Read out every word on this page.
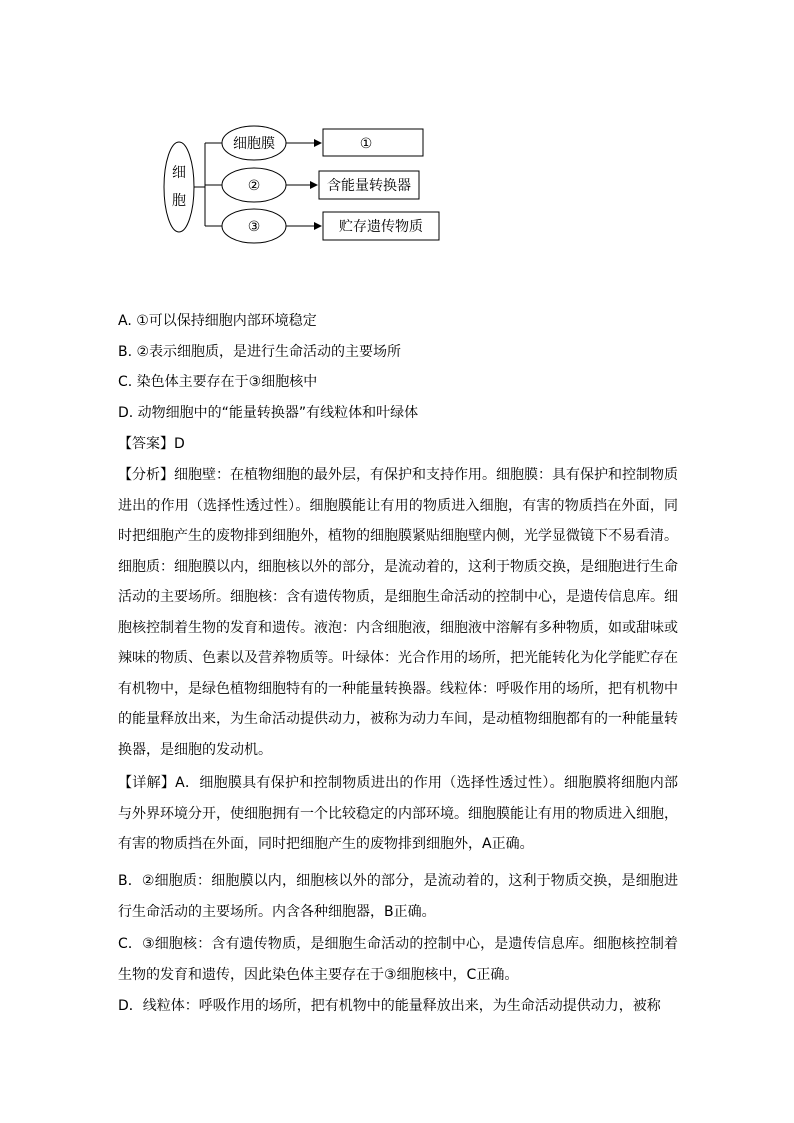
细
胞
细胞膜
②
③
①
含能量转换器
贮存遗传物质
A. ①可以保持细胞内部环境稳定
B. ②表示细胞质，是进行生命活动的主要场所
C. 染色体主要存在于③细胞核中
D. 动物细胞中的“能量转换器”有线粒体和叶绿体
【答案】D
【分析】细胞壁：在植物细胞的最外层，有保护和支持作用。细胞膜：具有保护和控制物质进出的作用（选择性透过性）。细胞膜能让有用的物质进入细胞，有害的物质挡在外面，同时把细胞产生的废物排到细胞外，植物的细胞膜紧贴细胞壁内侧，光学显微镜下不易看清。细胞质：细胞膜以内，细胞核以外的部分，是流动着的，这利于物质交换，是细胞进行生命活动的主要场所。细胞核：含有遗传物质，是细胞生命活动的控制中心，是遗传信息库。细胞核控制着生物的发育和遗传。液泡：内含细胞液，细胞液中溶解有多种物质，如或甜味或辣味的物质、色素以及营养物质等。叶绿体：光合作用的场所，把光能转化为化学能贮存在有机物中，是绿色植物细胞特有的一种能量转换器。线粒体：呼吸作用的场所，把有机物中的能量释放出来，为生命活动提供动力，被称为动力车间，是动植物细胞都有的一种能量转换器，是细胞的发动机。
【详解】A．细胞膜具有保护和控制物质进出的作用（选择性透过性）。细胞膜将细胞内部与外界环境分开，使细胞拥有一个比较稳定的内部环境。细胞膜能让有用的物质进入细胞，有害的物质挡在外面，同时把细胞产生的废物排到细胞外，A正确。
B．②细胞质：细胞膜以内，细胞核以外的部分，是流动着的，这利于物质交换，是细胞进行生命活动的主要场所。内含各种细胞器，B正确。
C．③细胞核：含有遗传物质，是细胞生命活动的控制中心，是遗传信息库。细胞核控制着生物的发育和遗传，因此染色体主要存在于③细胞核中，C正确。
D．线粒体：呼吸作用的场所，把有机物中的能量释放出来，为生命活动提供动力，被称
